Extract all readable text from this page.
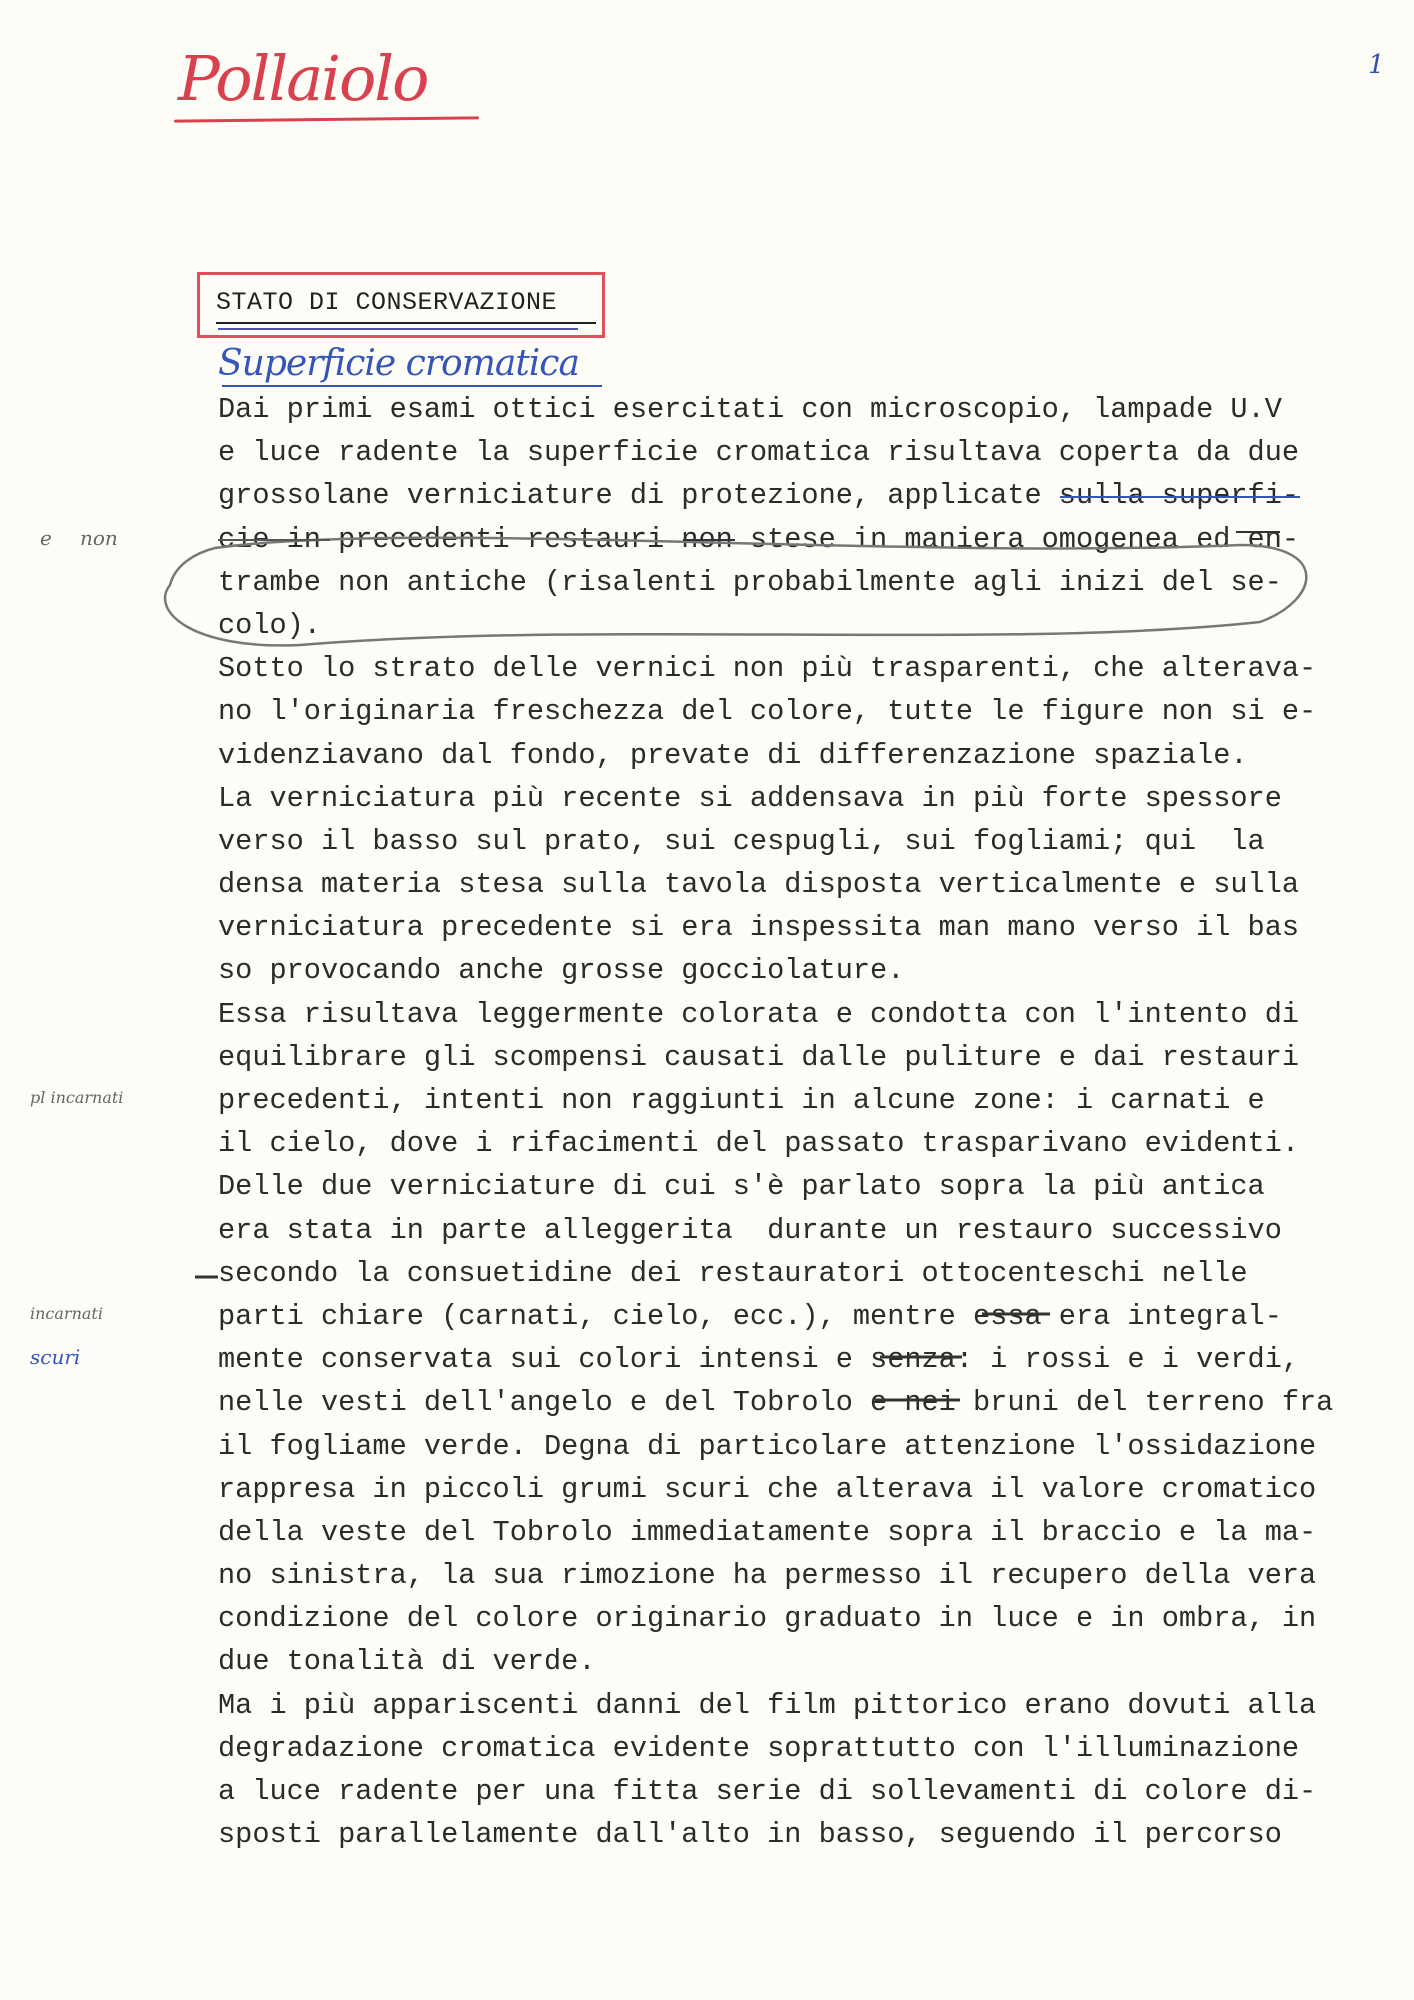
Pollaiolo	1
STATO DI CONSERVAZIONE
Superficie cromatica
Dai primi esami ottici esercitati con microscopio, lampade U.V
e luce radente la superficie cromatica risultava coperta da due
grossolane verniciature di protezione, applicate sulla superfi-
cie in precedenti restauri non stese in maniera omogenea ed en-
trambe non antiche (risalenti probabilmente agli inizi del se-
colo).
Sotto lo strato delle vernici non più trasparenti, che alterava-
no l'originaria freschezza del colore, tutte le figure non si e-
videnziavano dal fondo, prevate di differenzazione spaziale.
La verniciatura più recente si addensava in più forte spessore
verso il basso sul prato, sui cespugli, sui fogliami; qui  la
densa materia stesa sulla tavola disposta verticalmente e sulla
verniciatura precedente si era inspessita man mano verso il bas
so provocando anche grosse gocciolature.
Essa risultava leggermente colorata e condotta con l'intento di
equilibrare gli scompensi causati dalle puliture e dai restauri
precedenti, intenti non raggiunti in alcune zone: i carnati e
il cielo, dove i rifacimenti del passato trasparivano evidenti.
Delle due verniciature di cui s'è parlato sopra la più antica
era stata in parte alleggerita  durante un restauro successivo
secondo la consuetidine dei restauratori ottocenteschi nelle
parti chiare (carnati, cielo, ecc.), mentre essa era integral-
mente conservata sui colori intensi e senza: i rossi e i verdi,
nelle vesti dell'angelo e del Tobrolo e nei bruni del terreno fra
il fogliame verde. Degna di particolare attenzione l'ossidazione
rappresa in piccoli grumi scuri che alterava il valore cromatico
della veste del Tobrolo immediatamente sopra il braccio e la ma-
no sinistra, la sua rimozione ha permesso il recupero della vera
condizione del colore originario graduato in luce e in ombra, in
due tonalità di verde.
Ma i più appariscenti danni del film pittorico erano dovuti alla
degradazione cromatica evidente soprattutto con l'illuminazione
a luce radente per una fitta serie di sollevamenti di colore di-
sposti parallelamente dall'alto in basso, seguendo il percorso
e non
pl incarnati
incarnati
scuri
